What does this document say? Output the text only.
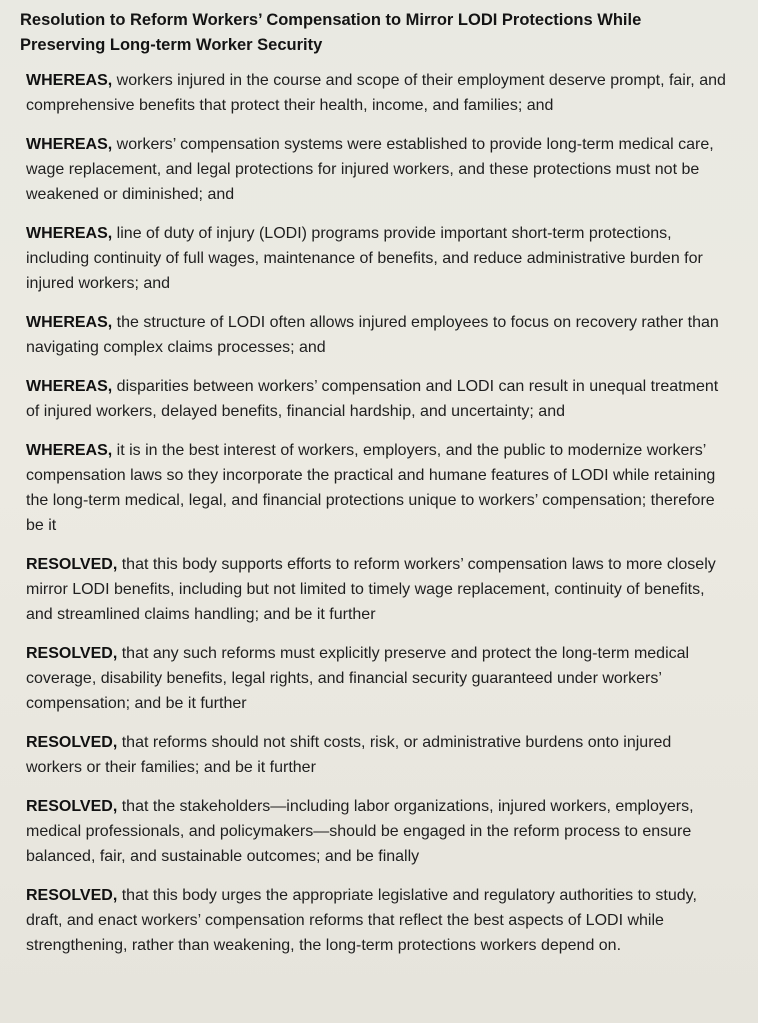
Resolution to Reform Workers’ Compensation to Mirror LODI Protections While
Preserving Long-term Worker Security

WHEREAS, workers injured in the course and scope of their employment deserve prompt, fair, and comprehensive benefits that protect their health, income, and families; and

WHEREAS, workers’ compensation systems were established to provide long-term medical care, wage replacement, and legal protections for injured workers, and these protections must not be weakened or diminished; and

WHEREAS, line of duty of injury (LODI) programs provide important short-term protections, including continuity of full wages, maintenance of benefits, and reduce administrative burden for injured workers; and

WHEREAS, the structure of LODI often allows injured employees to focus on recovery rather than navigating complex claims processes; and

WHEREAS, disparities between workers’ compensation and LODI can result in unequal treatment of injured workers, delayed benefits, financial hardship, and uncertainty; and

WHEREAS, it is in the best interest of workers, employers, and the public to modernize workers’ compensation laws so they incorporate the practical and humane features of LODI while retaining the long-term medical, legal, and financial protections unique to workers’ compensation; therefore be it

RESOLVED, that this body supports efforts to reform workers’ compensation laws to more closely mirror LODI benefits, including but not limited to timely wage replacement, continuity of benefits, and streamlined claims handling; and be it further

RESOLVED, that any such reforms must explicitly preserve and protect the long-term medical coverage, disability benefits, legal rights, and financial security guaranteed under workers’ compensation; and be it further

RESOLVED, that reforms should not shift costs, risk, or administrative burdens onto injured workers or their families; and be it further

RESOLVED, that the stakeholders—including labor organizations, injured workers, employers, medical professionals, and policymakers—should be engaged in the reform process to ensure balanced, fair, and sustainable outcomes; and be finally

RESOLVED, that this body urges the appropriate legislative and regulatory authorities to study, draft, and enact workers’ compensation reforms that reflect the best aspects of LODI while strengthening, rather than weakening, the long-term protections workers depend on.
